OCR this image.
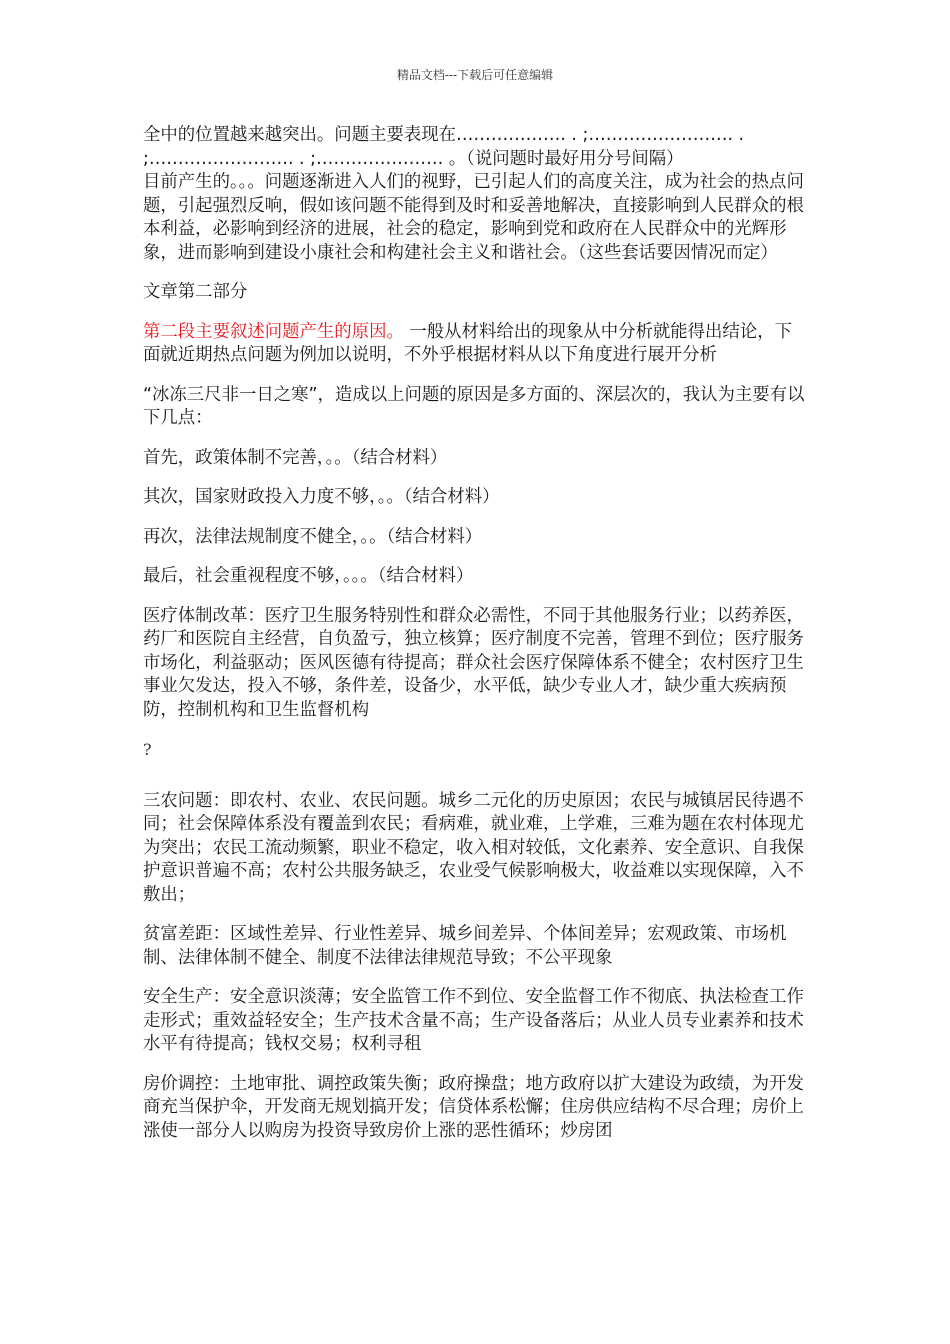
精品文档---下载后可任意编辑

全中的位置越来越突出。问题主要表现在………………. . ;……………………. . ;……………………. . ;…………………. 。（说问题时最好用分号间隔）

目前产生的。。。问题逐渐进入人们的视野，已引起人们的高度关注，成为社会的热点问题，引起强烈反响，假如该问题不能得到及时和妥善地解决，直接影响到人民群众的根本利益，必影响到经济的进展，社会的稳定，影响到党和政府在人民群众中的光辉形象，进而影响到建设小康社会和构建社会主义和谐社会。（这些套话要因情况而定）

文章第二部分

第二段主要叙述问题产生的原因。 一般从材料给出的现象从中分析就能得出结论，下面就近期热点问题为例加以说明，不外乎根据材料从以下角度进行展开分析

“冰冻三尺非一日之寒”，造成以上问题的原因是多方面的、深层次的，我认为主要有以下几点：

首先，政策体制不完善，。。（结合材料）

其次，国家财政投入力度不够，。。（结合材料）

再次，法律法规制度不健全，。。（结合材料）

最后，社会重视程度不够，。。。（结合材料）

医疗体制改革：医疗卫生服务特别性和群众必需性，不同于其他服务行业；以药养医，药厂和医院自主经营，自负盈亏，独立核算；医疗制度不完善，管理不到位；医疗服务市场化，利益驱动；医风医德有待提高；群众社会医疗保障体系不健全；农村医疗卫生事业欠发达，投入不够，条件差，设备少，水平低，缺少专业人才，缺少重大疾病预防，控制机构和卫生监督机构

?

三农问题：即农村、农业、农民问题。城乡二元化的历史原因；农民与城镇居民待遇不同；社会保障体系没有覆盖到农民；看病难，就业难，上学难，三难为题在农村体现尤为突出；农民工流动频繁，职业不稳定，收入相对较低，文化素养、安全意识、自我保护意识普遍不高；农村公共服务缺乏，农业受气候影响极大，收益难以实现保障，入不敷出；

贫富差距：区域性差异、行业性差异、城乡间差异、个体间差异；宏观政策、市场机制、法律体制不健全、制度不法律法律规范导致；不公平现象

安全生产：安全意识淡薄；安全监管工作不到位、安全监督工作不彻底、执法检查工作走形式；重效益轻安全；生产技术含量不高；生产设备落后；从业人员专业素养和技术水平有待提高；钱权交易；权利寻租

房价调控：土地审批、调控政策失衡；政府操盘；地方政府以扩大建设为政绩，为开发商充当保护伞，开发商无规划搞开发；信贷体系松懈；住房供应结构不尽合理；房价上涨使一部分人以购房为投资导致房价上涨的恶性循环；炒房团
